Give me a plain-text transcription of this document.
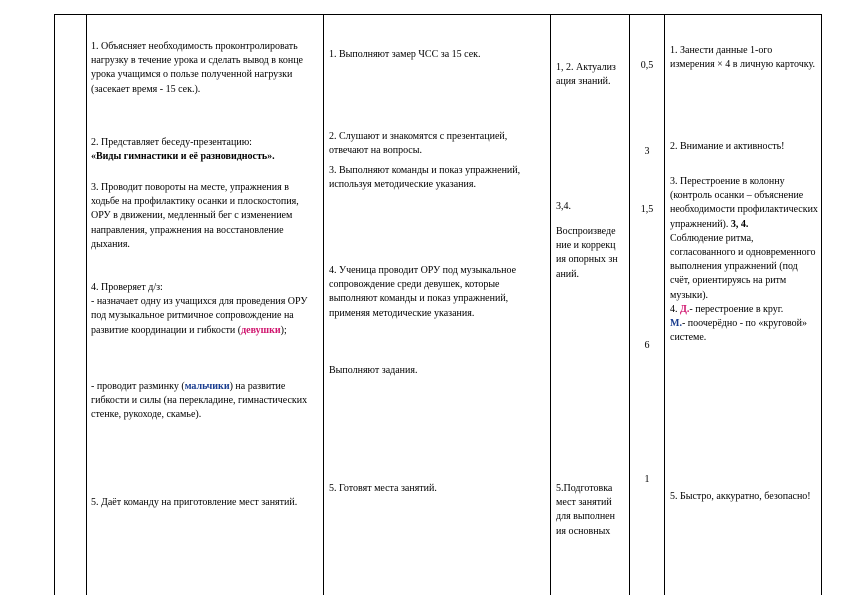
1. Объясняет необходимость проконтролировать нагрузку в течение урока и сделать вывод в конце урока учащимся о пользе полученной нагрузки (засекает время - 15 сек.).

2. Представляет беседу-презентацию:

«Виды гимнастики и её разновидность».

3. Проводит повороты на месте, упражнения в ходьбе на профилактику осанки и плоскостопия, ОРУ в движении, медленный бег с изменением направления, упражнения на восстановление дыхания.

4. Проверяет д/з:

- назначает одну из учащихся для проведения ОРУ под музыкальное ритмичное сопровождение на развитие координации и гибкости (девушки);

- проводит разминку (мальчики) на развитие гибкости и силы (на перекладине, гимнастических стенке, рукоходе, скамье).

5. Даёт команду на приготовление мест занятий.

1. Выполняют замер ЧСС за 15 сек.

2. Слушают и знакомятся с презентацией, отвечают на вопросы.

3. Выполняют команды и показ упражнений, используя методические указания.

4. Ученица проводит ОРУ под музыкальное сопровождение среди девушек, которые выполняют команды и показ упражнений, применяя методические указания.

Выполняют задания.

5. Готовят места занятий.

1, 2. Актуализация знаний.

3,4.

Воспроизведение и коррекция опорных знаний.

5.Подготовка мест занятий для выполнения основных

0,5
3
1,5
6
1

1. Занести данные 1-ого измерения × 4 в личную карточку.

2. Внимание и активность!

3. Перестроение в колонну (контроль осанки – объяснение необходимости профилактических упражнений). 3, 4.

Соблюдение ритма, согласованного и одновременного выполнения упражнений (под счёт, ориентируясь на ритм музыки).

4. Д.- перестроение в круг.

М.- поочерёдно - по «круговой» системе.

5. Быстро, аккуратно, безопасно!
